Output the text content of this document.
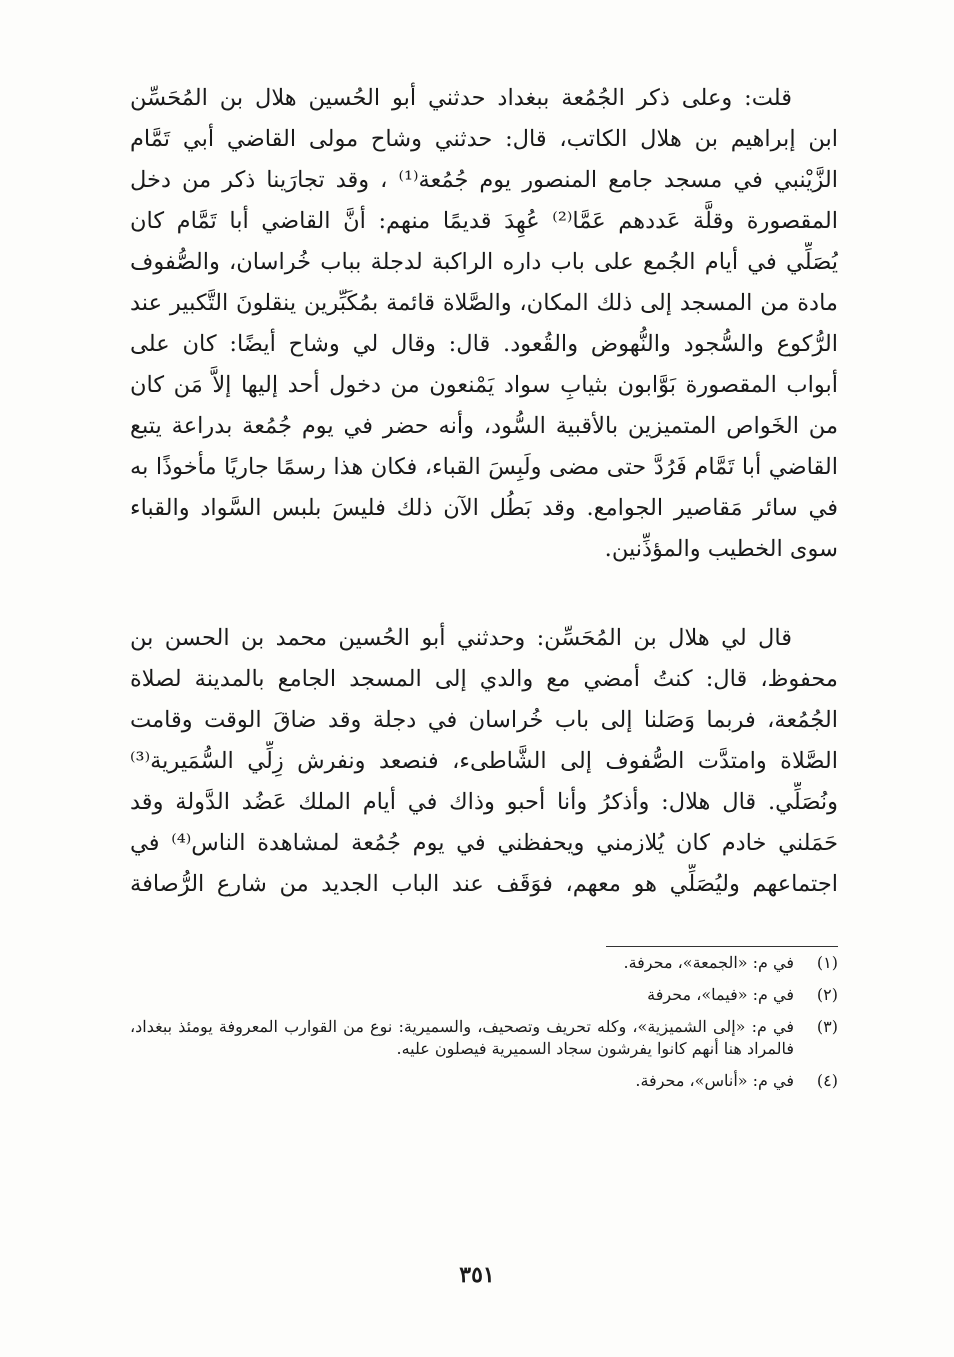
قلت: وعلى ذكر الجُمُعة ببغداد حدثني أبو الحُسين هلال بن المُحَسِّن
ابن إبراهيم بن هلال الكاتب، قال: حدثني وشاح مولى القاضي أبي تَمَّام
الزَّيْنبي في مسجد جامع المنصور يوم جُمُعة⁽¹⁾ ، وقد تجارَينا ذكر من دخل
المقصورة وقلَّة عَددهم عَمَّا⁽²⁾ عُهِدَ قديمًا منهم: أنَّ القاضي أبا تَمَّام كان
يُصَلِّي في أيام الجُمع على باب داره الراكبة لدجلة بباب خُراسان، والصُّفوف
مادة من المسجد إلى ذلك المكان، والصَّلاة قائمة بمُكَبِّرين ينقلونَ التَّكبير عند
الرُّكوع والسُّجود والنُّهوض والقُعود. قال: وقال لي وشاح أيضًا: كان على
أبواب المقصورة بَوَّابون بثيابِ سواد يَمْنعون من دخول أحد إليها إلاَّ مَن كان
من الخَواص المتميزين بالأقبية السُّود، وأنه حضر في يوم جُمُعة بدراعة يتبع
القاضي أبا تَمَّام فَرُدَّ حتى مضى ولَبِسَ القباء، فكان هذا رسمًا جاريًا مأخوذًا به
في سائر مَقاصير الجوامع. وقد بَطُل الآن ذلك فليسَ بلبس السَّواد والقباء
سوى الخطيب والمؤذِّنين.
قال لي هلال بن المُحَسِّن: وحدثني أبو الحُسين محمد بن الحسن بن
محفوظ، قال: كنتُ أمضي مع والدي إلى المسجد الجامع بالمدينة لصلاة
الجُمُعة، فربما وَصَلنا إلى باب خُراسان في دجلة وقد ضاقَ الوقت وقامت
الصَّلاة وامتدَّت الصُّفوف إلى الشَّاطىء، فنصعد ونفرش زِلِّي السُّمَيرية⁽³⁾
ونُصَلِّي. قال هلال: وأذكرُ وأنا أحبو وذاك في أيام الملك عَضُد الدَّولة وقد
حَمَلني خادم كان يُلازمني ويحفظني في يوم جُمُعة لمشاهدة الناس⁽⁴⁾ في
اجتماعهم وليُصَلِّي هو معهم، فوَقَف عند الباب الجديد من شارع الرُّصافة
(١)
في م: «الجمعة»، محرفة.
(٢)
في م: «فيما»، محرفة
(٣)
في م: «إلى الشميزية»، وكله تحريف وتصحيف، والسميرية: نوع من القوارب المعروفة يومئذ ببغداد، فالمراد هنا أنهم كانوا يفرشون سجاد السميرية فيصلون عليه.
(٤)
في م: «أناس»، محرفة.
٣٥١
